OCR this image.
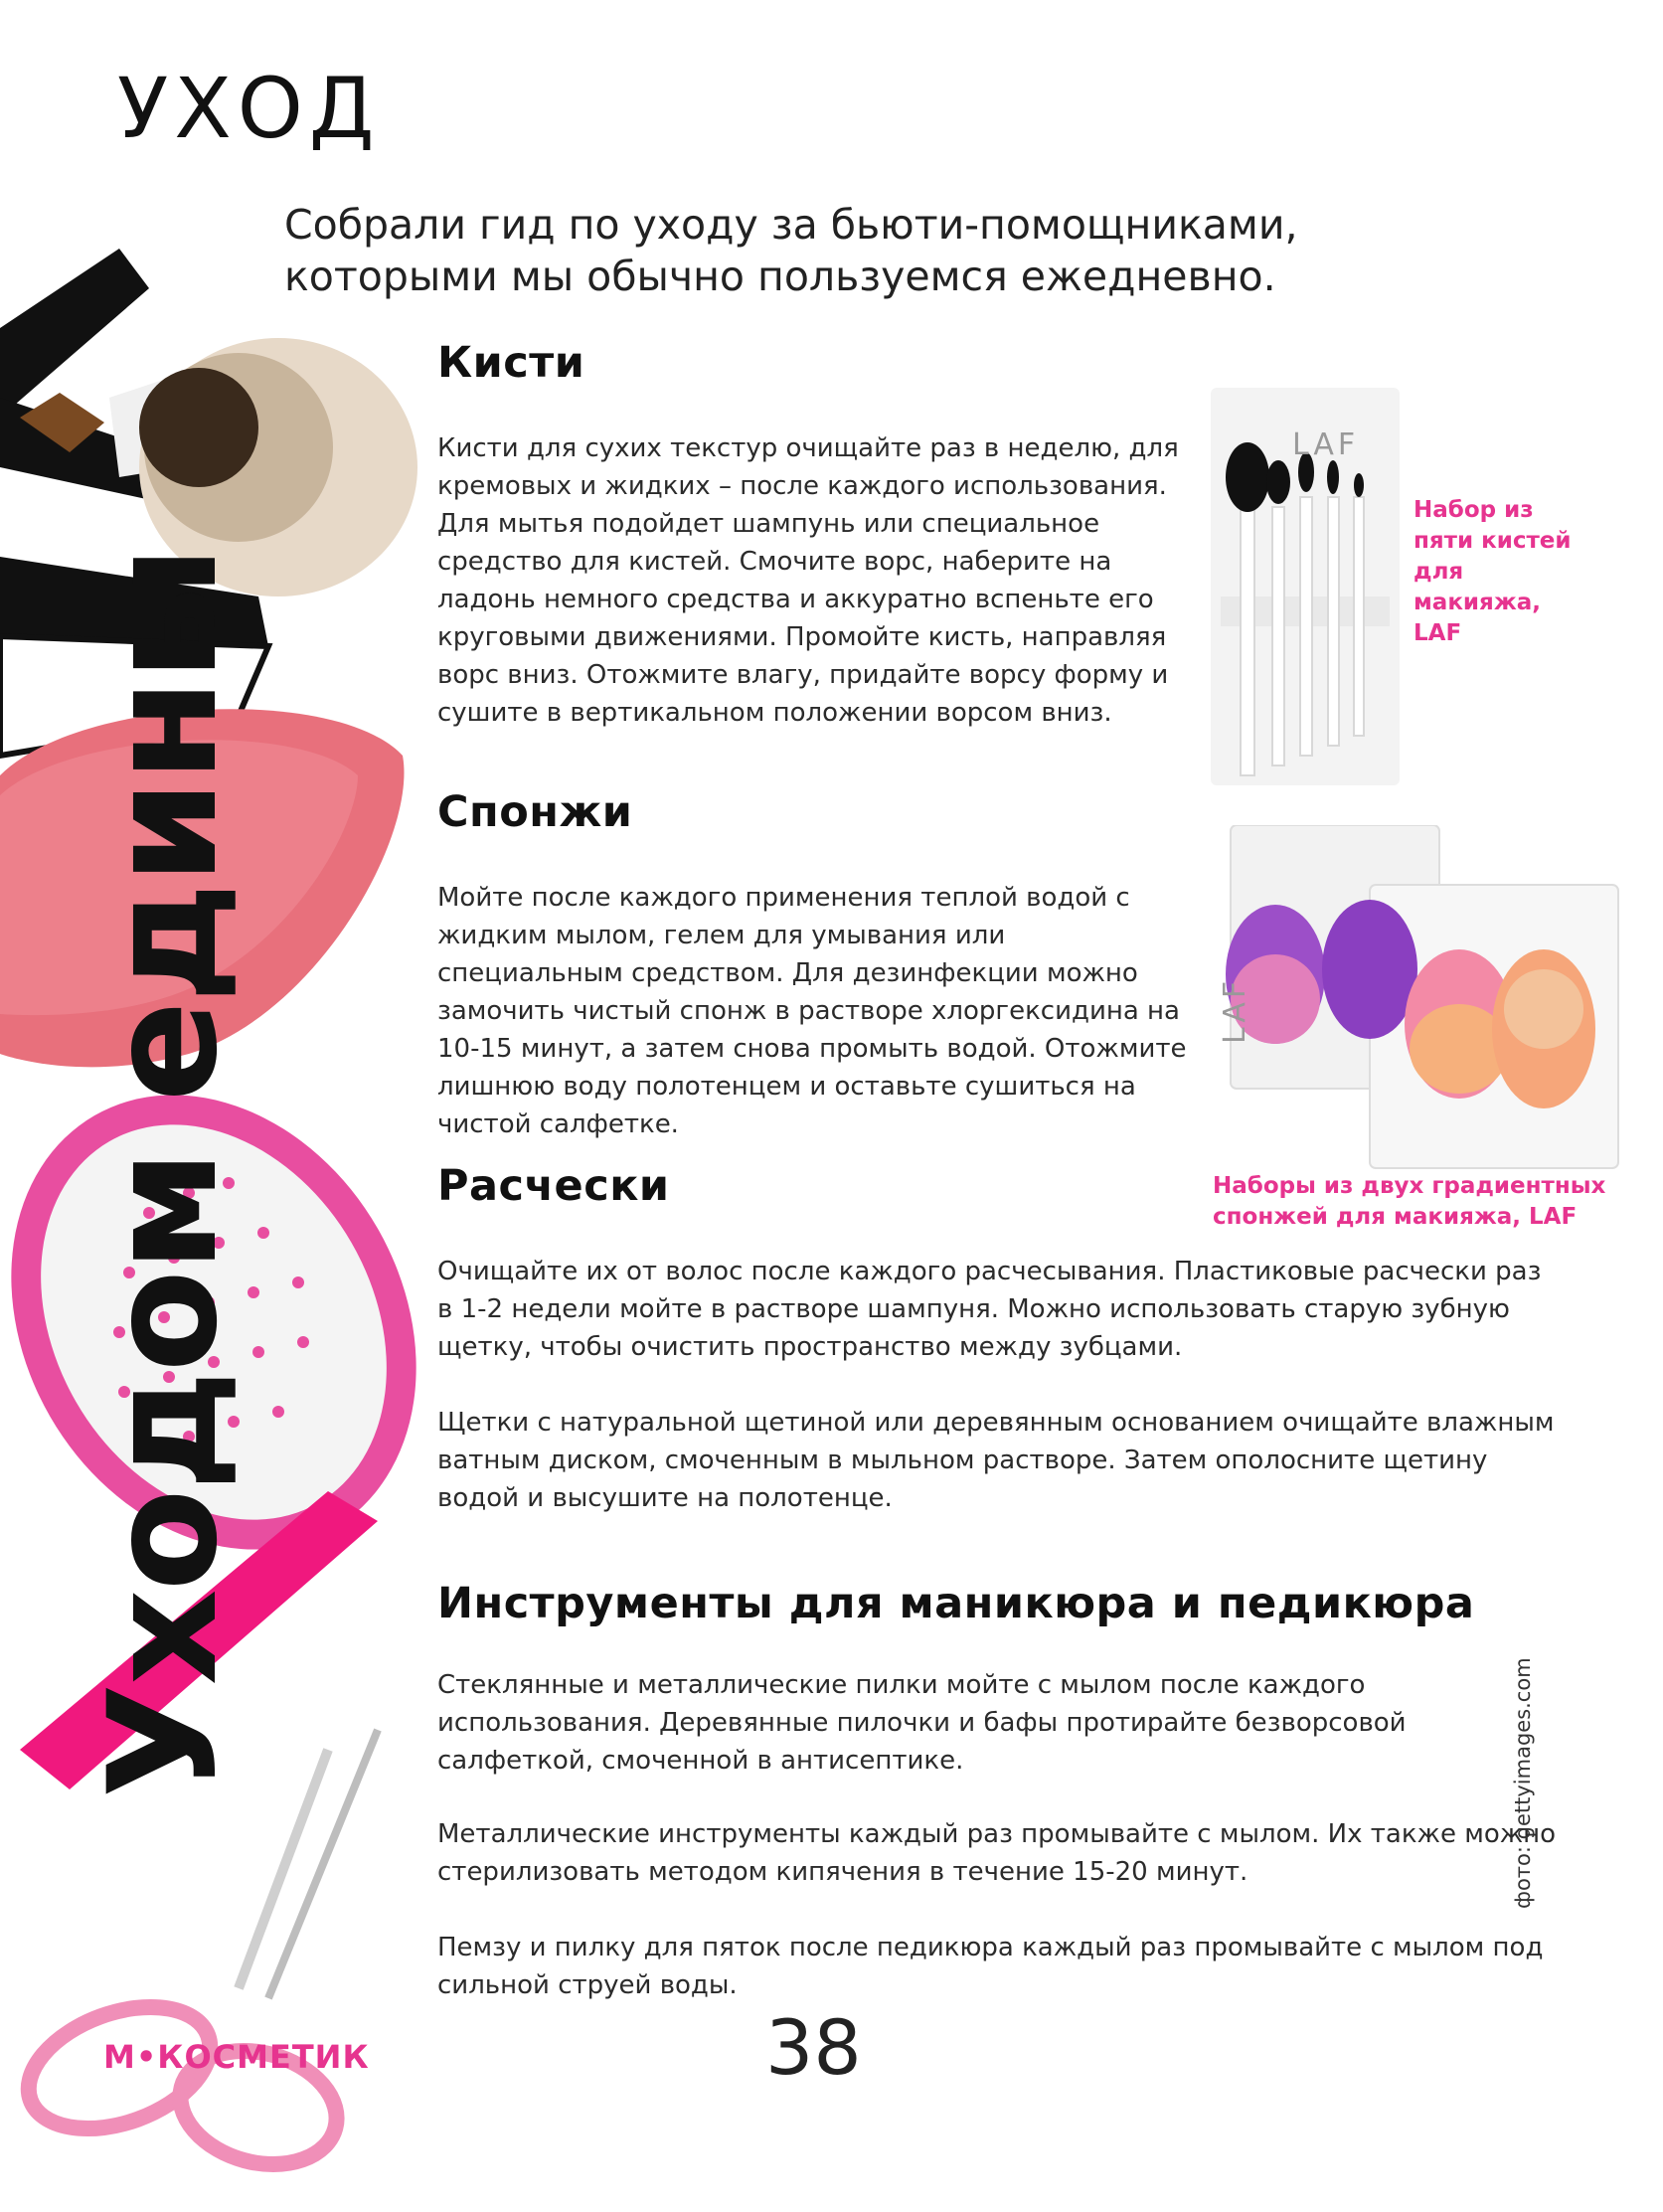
УХОД
Уходом едины
Собрали гид по уходу за бьюти-помощниками, которыми мы обычно пользуемся ежедневно.
Кисти

Кисти для сухих текстур очищайте раз в неделю, для кремовых и жидких – после каждого использования. Для мытья подойдет шампунь или специальное средство для кистей. Смочите ворс, наберите на ладонь немного средства и аккуратно вспеньте его круговыми движениями. Промойте кисть, направляя ворс вниз. Отожмите влагу, придайте ворсу форму и сушите в вертикальном положении ворсом вниз.

LAF
Набор из пяти кистей для макияжа, LAF
Спонжи

Мойте после каждого применения теплой водой с жидким мылом, гелем для умывания или специальным средством. Для дезинфекции можно замочить чистый спонж в растворе хлоргексидина на 10-15 минут, а затем снова промыть водой. Отожмите лишнюю воду полотенцем и оставьте сушиться на чистой салфетке.

LAF
Наборы из двух градиентных спонжей для макияжа, LAF
Расчески

Очищайте их от волос после каждого расчесывания. Пластиковые расчески раз в 1-2 недели мойте в растворе шампуня. Можно использовать старую зубную щетку, чтобы очистить пространство между зубцами.

Щетки с натуральной щетиной или деревянным основанием очищайте влажным ватным диском, смоченным в мыльном растворе. Затем ополосните щетину водой и высушите на полотенце.

Инструменты для маникюра и педикюра

Стеклянные и металлические пилки мойте с мылом после каждого использования. Деревянные пилочки и бафы протирайте безворсовой салфеткой, смоченной в антисептике.

Металлические инструменты каждый раз промывайте с мылом. Их также можно стерилизовать методом кипячения в течение 15-20 минут.

Пемзу и пилку для пяток после педикюра каждый раз промывайте с мылом под сильной струей воды.

М•КОСМЕТИК	38
фото: gettyimages.com
